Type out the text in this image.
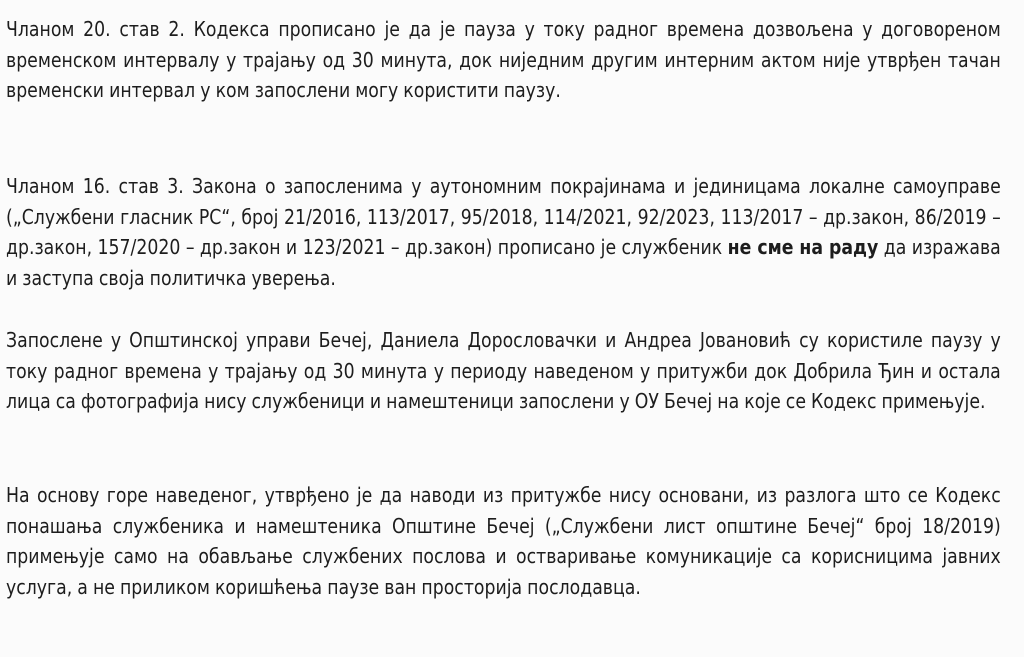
Чланом 20. став 2. Кодекса прописано је да је пауза у току радног времена дозвољена у договореном временском интервалу у трајању од 30 минута, док ниједним другим интерним актом није утврђен тачан временски интервал у ком запослени могу користити паузу.

Чланом 16. став 3. Закона о запосленима у аутономним покрајинама и јединицама локалне самоуправе („Службени гласник РС“, број 21/2016, 113/2017, 95/2018, 114/2021, 92/2023, 113/2017 – др.закон, 86/2019 – др.закон, 157/2020 – др.закон и 123/2021 – др.закон) прописано је службеник не сме на раду да изражава и заступа своја политичка уверења.

Запослене у Општинској управи Бечеј, Даниела Дорословачки и Андреа Јовановић су користиле паузу у току радног времена у трајању од 30 минута у периоду наведеном у притужби док Добрила Ђин и остала лица са фотографија нису службеници и намештеници запослени у ОУ Бечеј на које се Кодекс примењује.

На основу горе наведеног, утврђено је да наводи из притужбе нису основани, из разлога што се Кодекс понашања службеника и намештеника Општине Бечеј („Службени лист општине Бечеј“ број 18/2019) примењује само на обављање службених послова и остваривање комуникације са корисницима јавних услуга, а не приликом коришћења паузе ван просторија послодавца.
